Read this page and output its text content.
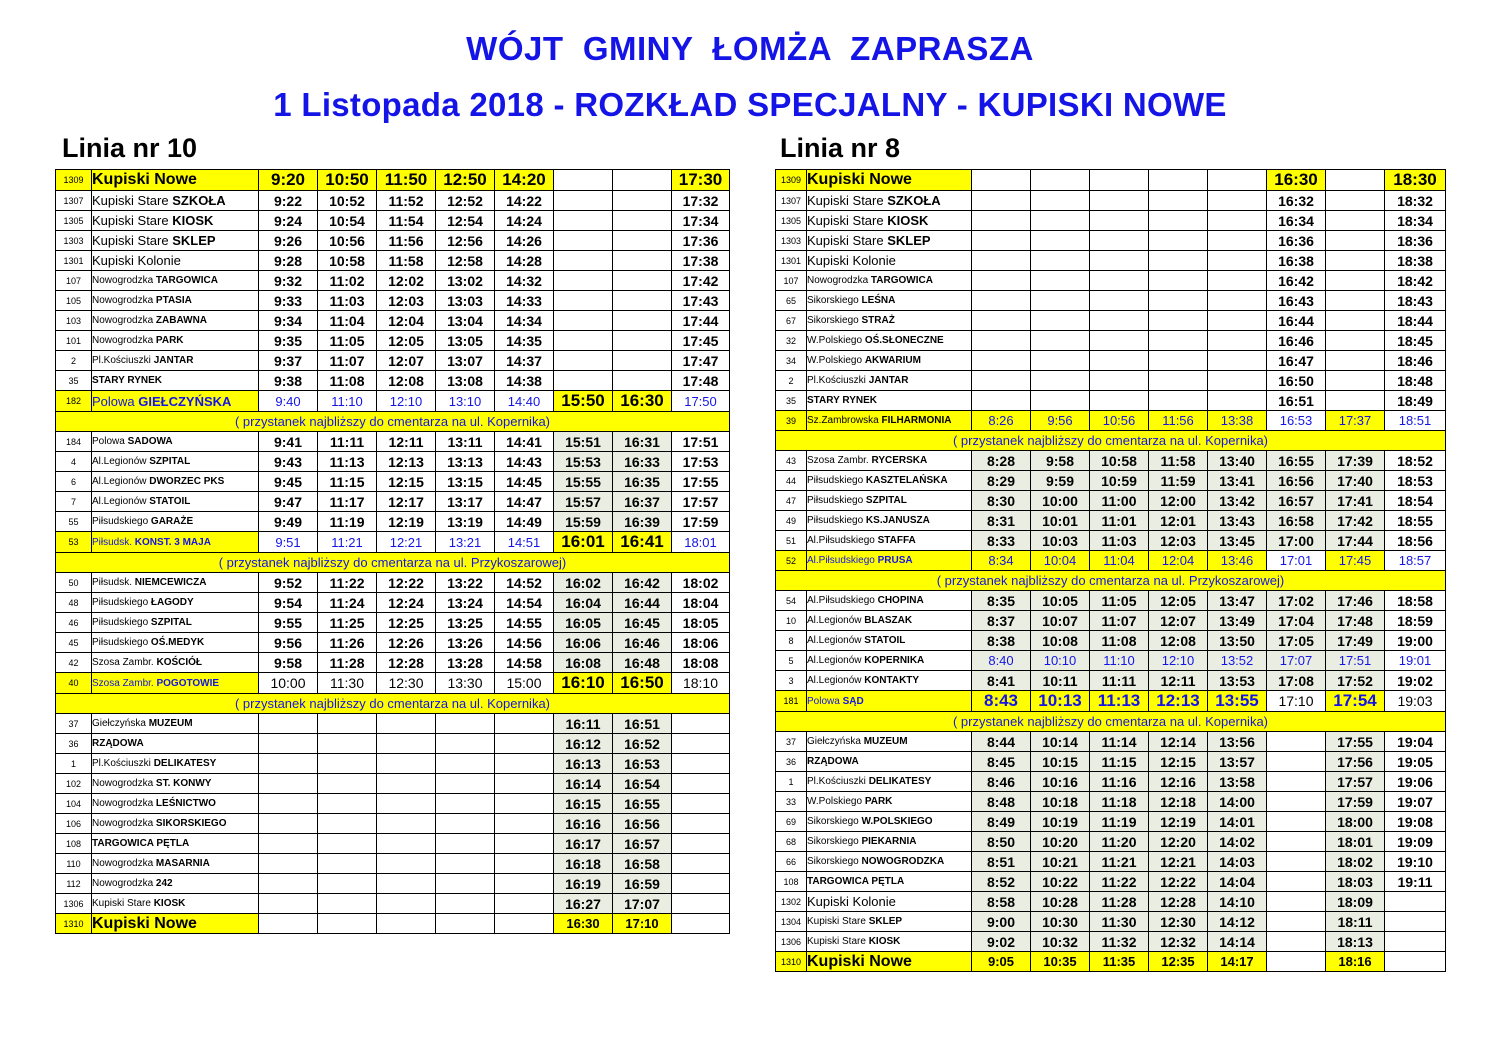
WÓJT  GMINY  ŁOMŻA  ZAPRASZA
1 Listopada 2018 - ROZKŁAD SPECJALNY - KUPISKI NOWE
Linia nr 10	Linia nr 8
1309	Kupiski Nowe	9:20	10:50	11:50	12:50	14:20			17:30
1307	Kupiski Stare SZKOŁA	9:22	10:52	11:52	12:52	14:22			17:32
1305	Kupiski Stare KIOSK	9:24	10:54	11:54	12:54	14:24			17:34
1303	Kupiski Stare SKLEP	9:26	10:56	11:56	12:56	14:26			17:36
1301	Kupiski Kolonie	9:28	10:58	11:58	12:58	14:28			17:38
107	Nowogrodzka TARGOWICA	9:32	11:02	12:02	13:02	14:32			17:42
105	Nowogrodzka PTASIA	9:33	11:03	12:03	13:03	14:33			17:43
103	Nowogrodzka ZABAWNA	9:34	11:04	12:04	13:04	14:34			17:44
101	Nowogrodzka PARK	9:35	11:05	12:05	13:05	14:35			17:45
2	Pl.Kościuszki JANTAR	9:37	11:07	12:07	13:07	14:37			17:47
35	STARY RYNEK	9:38	11:08	12:08	13:08	14:38			17:48
182	Polowa GIEŁCZYŃSKA	9:40	11:10	12:10	13:10	14:40	15:50	16:30	17:50
( przystanek najbliższy do cmentarza na ul. Kopernika)									
184	Polowa SADOWA	9:41	11:11	12:11	13:11	14:41	15:51	16:31	17:51
4	Al.Legionów SZPITAL	9:43	11:13	12:13	13:13	14:43	15:53	16:33	17:53
6	Al.Legionów DWORZEC PKS	9:45	11:15	12:15	13:15	14:45	15:55	16:35	17:55
7	Al.Legionów STATOIL	9:47	11:17	12:17	13:17	14:47	15:57	16:37	17:57
55	Piłsudskiego GARAŻE	9:49	11:19	12:19	13:19	14:49	15:59	16:39	17:59
53	Piłsudsk. KONST. 3 MAJA	9:51	11:21	12:21	13:21	14:51	16:01	16:41	18:01
( przystanek najbliższy do cmentarza na ul. Przykoszarowej)									
50	Piłsudsk. NIEMCEWICZA	9:52	11:22	12:22	13:22	14:52	16:02	16:42	18:02
48	Piłsudskiego ŁAGODY	9:54	11:24	12:24	13:24	14:54	16:04	16:44	18:04
46	Piłsudskiego SZPITAL	9:55	11:25	12:25	13:25	14:55	16:05	16:45	18:05
45	Piłsudskiego OŚ.MEDYK	9:56	11:26	12:26	13:26	14:56	16:06	16:46	18:06
42	Szosa Zambr. KOŚCIÓŁ	9:58	11:28	12:28	13:28	14:58	16:08	16:48	18:08
40	Szosa Zambr. POGOTOWIE	10:00	11:30	12:30	13:30	15:00	16:10	16:50	18:10
( przystanek najbliższy do cmentarza na ul. Kopernika)									
37	Giełczyńska MUZEUM						16:11	16:51	
36	RZĄDOWA						16:12	16:52	
1	Pl.Kościuszki DELIKATESY						16:13	16:53	
102	Nowogrodzka ST. KONWY						16:14	16:54	
104	Nowogrodzka LEŚNICTWO						16:15	16:55	
106	Nowogrodzka SIKORSKIEGO						16:16	16:56	
108	TARGOWICA PĘTLA						16:17	16:57	
110	Nowogrodzka MASARNIA						16:18	16:58	
112	Nowogrodzka 242						16:19	16:59	
1306	Kupiski Stare KIOSK						16:27	17:07	
1310	Kupiski Nowe						16:30	17:10	
1309	Kupiski Nowe						16:30		18:30
1307	Kupiski Stare SZKOŁA						16:32		18:32
1305	Kupiski Stare KIOSK						16:34		18:34
1303	Kupiski Stare SKLEP						16:36		18:36
1301	Kupiski Kolonie						16:38		18:38
107	Nowogrodzka TARGOWICA						16:42		18:42
65	Sikorskiego LEŚNA						16:43		18:43
67	Sikorskiego STRAŻ						16:44		18:44
32	W.Polskiego OŚ.SŁONECZNE						16:46		18:45
34	W.Polskiego AKWARIUM						16:47		18:46
2	Pl.Kościuszki JANTAR						16:50		18:48
35	STARY RYNEK						16:51		18:49
39	Sz.Zambrowska FILHARMONIA	8:26	9:56	10:56	11:56	13:38	16:53	17:37	18:51
( przystanek najbliższy do cmentarza na ul. Kopernika)									
43	Szosa Zambr. RYCERSKA	8:28	9:58	10:58	11:58	13:40	16:55	17:39	18:52
44	Piłsudskiego KASZTELAŃSKA	8:29	9:59	10:59	11:59	13:41	16:56	17:40	18:53
47	Piłsudskiego SZPITAL	8:30	10:00	11:00	12:00	13:42	16:57	17:41	18:54
49	Piłsudskiego KS.JANUSZA	8:31	10:01	11:01	12:01	13:43	16:58	17:42	18:55
51	Al.Piłsudskiego STAFFA	8:33	10:03	11:03	12:03	13:45	17:00	17:44	18:56
52	Al.Piłsudskiego PRUSA	8:34	10:04	11:04	12:04	13:46	17:01	17:45	18:57
( przystanek najbliższy do cmentarza na ul. Przykoszarowej)									
54	Al.Piłsudskiego CHOPINA	8:35	10:05	11:05	12:05	13:47	17:02	17:46	18:58
10	Al.Legionów BLASZAK	8:37	10:07	11:07	12:07	13:49	17:04	17:48	18:59
8	Al.Legionów STATOIL	8:38	10:08	11:08	12:08	13:50	17:05	17:49	19:00
5	Al.Legionów KOPERNIKA	8:40	10:10	11:10	12:10	13:52	17:07	17:51	19:01
3	Al.Legionów KONTAKTY	8:41	10:11	11:11	12:11	13:53	17:08	17:52	19:02
181	Polowa SĄD	8:43	10:13	11:13	12:13	13:55	17:10	17:54	19:03
( przystanek najbliższy do cmentarza na ul. Kopernika)									
37	Giełczyńska MUZEUM	8:44	10:14	11:14	12:14	13:56		17:55	19:04
36	RZĄDOWA	8:45	10:15	11:15	12:15	13:57		17:56	19:05
1	Pl.Kościuszki DELIKATESY	8:46	10:16	11:16	12:16	13:58		17:57	19:06
33	W.Polskiego PARK	8:48	10:18	11:18	12:18	14:00		17:59	19:07
69	Sikorskiego W.POLSKIEGO	8:49	10:19	11:19	12:19	14:01		18:00	19:08
68	Sikorskiego PIEKARNIA	8:50	10:20	11:20	12:20	14:02		18:01	19:09
66	Sikorskiego NOWOGRODZKA	8:51	10:21	11:21	12:21	14:03		18:02	19:10
108	TARGOWICA PĘTLA	8:52	10:22	11:22	12:22	14:04		18:03	19:11
1302	Kupiski Kolonie	8:58	10:28	11:28	12:28	14:10		18:09	
1304	Kupiski Stare SKLEP	9:00	10:30	11:30	12:30	14:12		18:11	
1306	Kupiski Stare KIOSK	9:02	10:32	11:32	12:32	14:14		18:13	
1310	Kupiski Nowe	9:05	10:35	11:35	12:35	14:17		18:16	
